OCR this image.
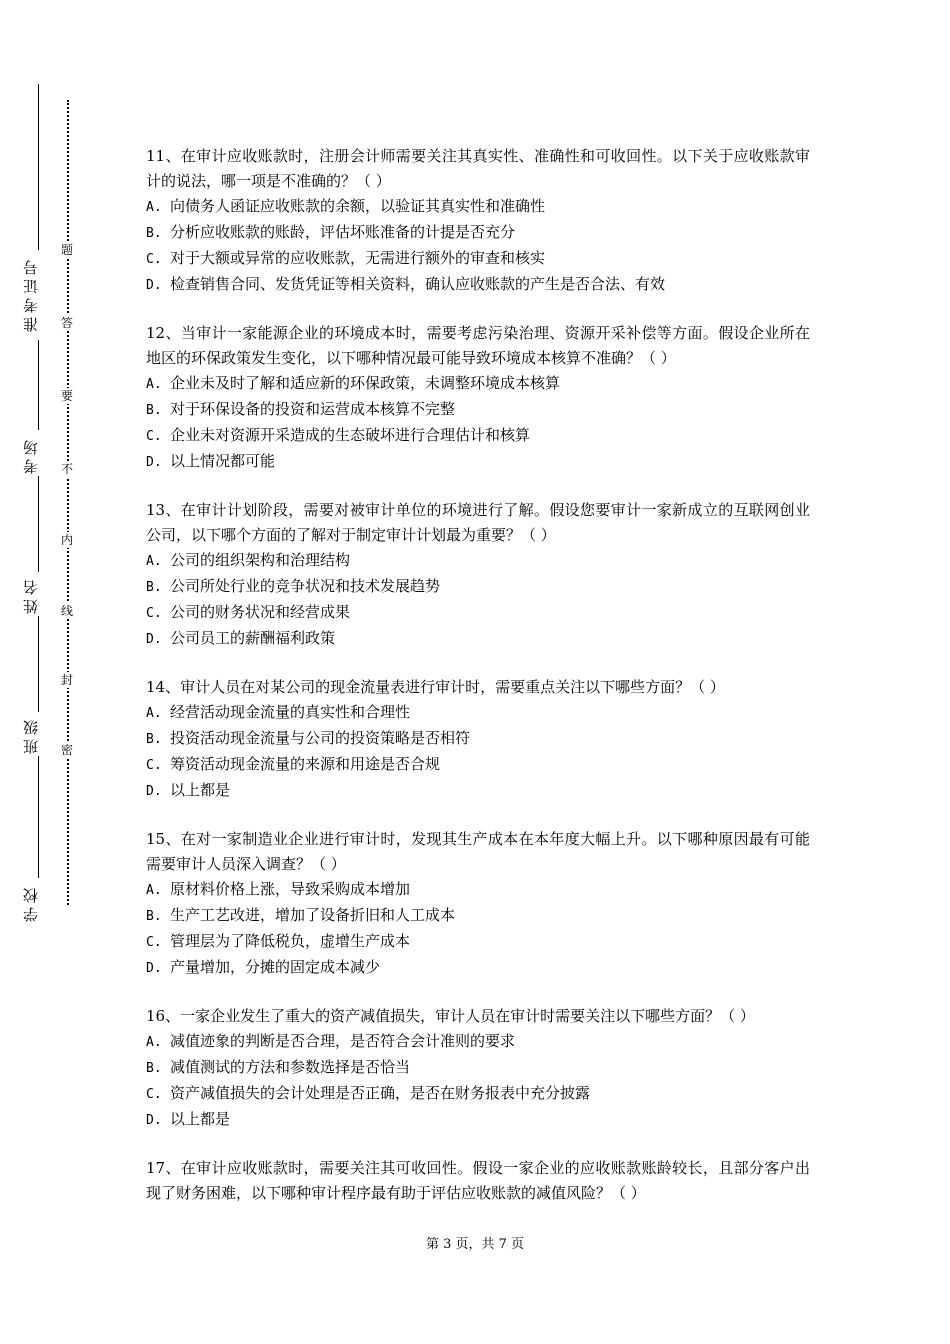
准考证号
考场
姓名
班级
学校
题
答
要
不
内
线
封
密

11、在审计应收账款时，注册会计师需要关注其真实性、准确性和可收回性。以下关于应收账款审计的说法，哪一项是不准确的？（ ）

A. 向债务人函证应收账款的余额，以验证其真实性和准确性
B. 分析应收账款的账龄，评估坏账准备的计提是否充分
C. 对于大额或异常的应收账款，无需进行额外的审查和核实
D. 检查销售合同、发货凭证等相关资料，确认应收账款的产生是否合法、有效

12、当审计一家能源企业的环境成本时，需要考虑污染治理、资源开采补偿等方面。假设企业所在地区的环保政策发生变化，以下哪种情况最可能导致环境成本核算不准确？（ ）

A. 企业未及时了解和适应新的环保政策，未调整环境成本核算
B. 对于环保设备的投资和运营成本核算不完整
C. 企业未对资源开采造成的生态破坏进行合理估计和核算
D. 以上情况都可能

13、在审计计划阶段，需要对被审计单位的环境进行了解。假设您要审计一家新成立的互联网创业公司，以下哪个方面的了解对于制定审计计划最为重要？（ ）

A. 公司的组织架构和治理结构
B. 公司所处行业的竞争状况和技术发展趋势
C. 公司的财务状况和经营成果
D. 公司员工的薪酬福利政策

14、审计人员在对某公司的现金流量表进行审计时，需要重点关注以下哪些方面？（ ）

A. 经营活动现金流量的真实性和合理性
B. 投资活动现金流量与公司的投资策略是否相符
C. 筹资活动现金流量的来源和用途是否合规
D. 以上都是

15、在对一家制造业企业进行审计时，发现其生产成本在本年度大幅上升。以下哪种原因最有可能需要审计人员深入调查？（ ）

A. 原材料价格上涨，导致采购成本增加
B. 生产工艺改进，增加了设备折旧和人工成本
C. 管理层为了降低税负，虚增生产成本
D. 产量增加，分摊的固定成本减少

16、一家企业发生了重大的资产减值损失，审计人员在审计时需要关注以下哪些方面？（ ）

A. 减值迹象的判断是否合理，是否符合会计准则的要求
B. 减值测试的方法和参数选择是否恰当
C. 资产减值损失的会计处理是否正确，是否在财务报表中充分披露
D. 以上都是

17、在审计应收账款时，需要关注其可收回性。假设一家企业的应收账款账龄较长，且部分客户出现了财务困难，以下哪种审计程序最有助于评估应收账款的减值风险？（ ）

第 3 页，共 7 页
